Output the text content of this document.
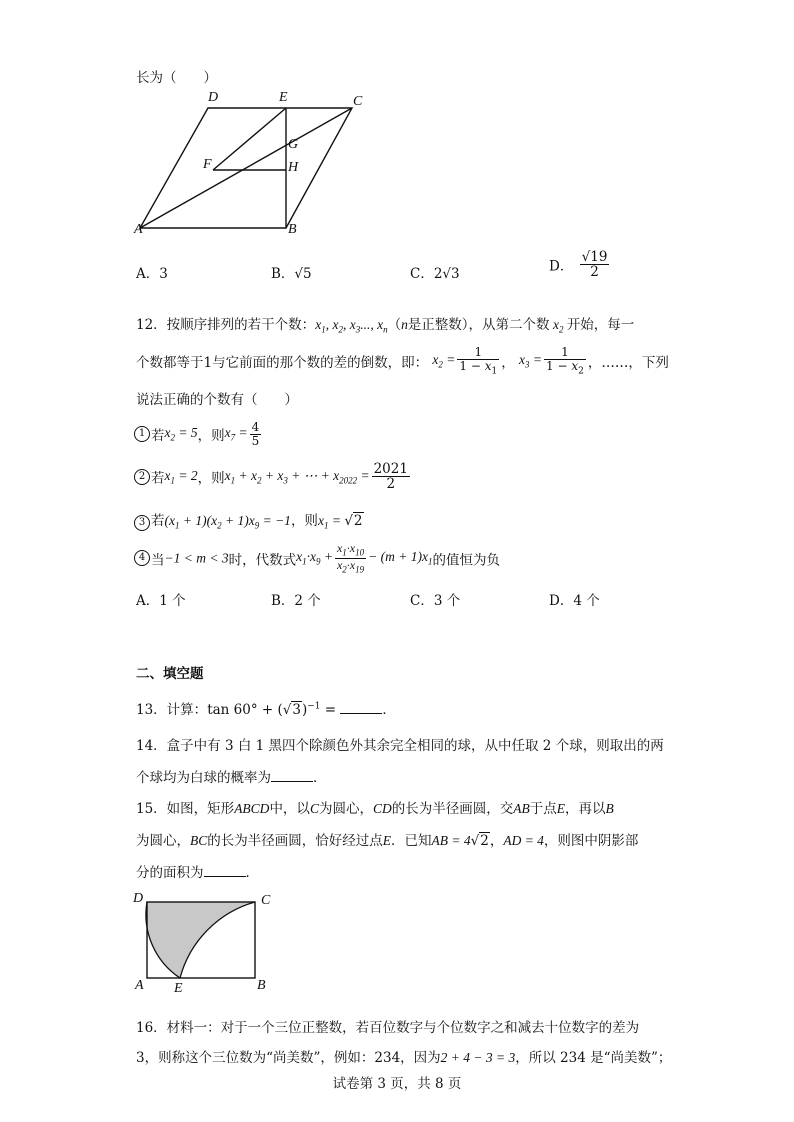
长为（　　）
D	E	C
G
F	H
A	B
A．3	B．√5	C．2√3	D． $\frac{√19}{2}$
12．按顺序排列的若干个数：$x_1$, $x_2$, $x_3$..., $x_n(n$是正整数），从第二个数 $x_2$ 开始，每一
个数都等于1与它前面的那个数的差的倒数，即： $x_2 = \frac{1}{1 - x_1}$ ， $x_3 = \frac{1}{1 - x_2}$ ，……，下列
说法正确的个数有（　　）
1 若$x_2 = 5$，则$x_7 = \frac{4}{5}$
2 若$x_1 = 2$，则$x_1 + x_2 + x_3$ + ⋯ + $x_{2022} = \frac{2021}{2}$
3 若$(x_1 + 1)(x_2 + 1)x_9 = -1$，则$x_1 = √2$
4 当−1 < m < 3时，代数式$x_1\cdot x_9 + \frac{x_1\cdot x_{10}}{x_2\cdot x_{19}} - (m + 1)x_1$的值恒为负
A．1 个	B．2 个	C．3 个	D．4 个
二、填空题
13．计算：$\tan 60^\circ + (√3)^{-1}$ =	．
14．盒子中有 3 白 1 黑四个除颜色外其余完全相同的球，从中任取 2 个球，则取出的两
个球均为白球的概率为	．
15．如图，矩形ABCD中，以C为圆心，CD的长为半径画圆，交AB于点E，再以B
为圆心，BC的长为半径画圆，恰好经过点E．已知AB = 4√2，AD = 4，则图中阴影部
分的面积为	．
D	C
A E	B
16．材料一：对于一个三位正整数，若百位数字与个位数字之和减去十位数字的差为
3，则称这个三位数为“尚美数”，例如：234，因为2 + 4 − 3 = 3，所以 234 是“尚美数”；
试卷第 3 页，共 8 页
